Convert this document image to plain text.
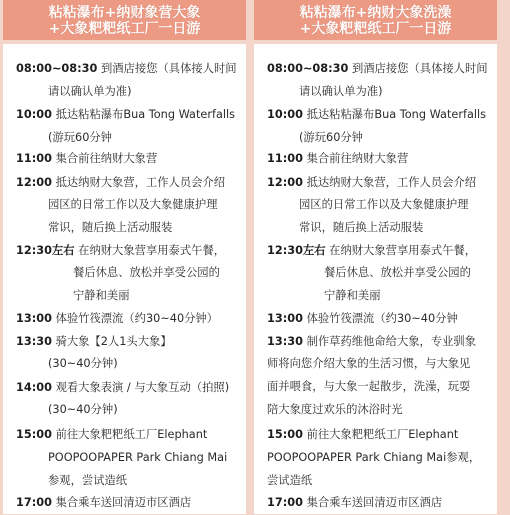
粘粘瀑布+纳财象营大象
+大象粑粑纸工厂一日游
08:00~08:30 到酒店接您（具体接人时间
请以确认单为准)
10:00 抵达粘粘瀑布Bua Tong Waterfalls
(游玩60分钟
11:00 集合前往纳财大象营
12:00 抵达纳财大象营，工作人员会介绍
园区的日常工作以及大象健康护理
常识，随后换上活动服装
12:30左右 在纳财大象营享用泰式午餐，
餐后休息、放松并享受公园的
宁静和美丽
13:00 体验竹筏漂流（约30~40分钟）
13:30 骑大象【2人1头大象】
(30~40分钟)
14:00 观看大象表演 / 与大象互动（拍照)
(30~40分钟)
15:00 前往大象粑粑纸工厂Elephant
POOPOOPAPER Park Chiang Mai
参观，尝试造纸
17:00 集合乘车送回清迈市区酒店
粘粘瀑布+纳财大象洗澡
+大象粑粑纸工厂一日游
08:00~08:30 到酒店接您（具体接人时间
请以确认单为准)
10:00 抵达粘粘瀑布Bua Tong Waterfalls
(游玩60分钟
11:00 集合前往纳财大象营
12:00 抵达纳财大象营，工作人员会介绍
园区的日常工作以及大象健康护理
常识，随后换上活动服装
12:30左右 在纳财大象营享用泰式午餐，
餐后休息、放松并享受公园的
宁静和美丽
13:00 体验竹筏漂流（约30~40分钟
13:30 制作草药维他命给大象，专业驯象
师将向您介绍大象的生活习惯，与大象见
面并喂食，与大象一起散步，洗澡，玩耍
陪大象度过欢乐的沐浴时光
15:00 前往大象粑粑纸工厂Elephant
POOPOOPAPER Park Chiang Mai参观，
尝试造纸
17:00 集合乘车送回清迈市区酒店
